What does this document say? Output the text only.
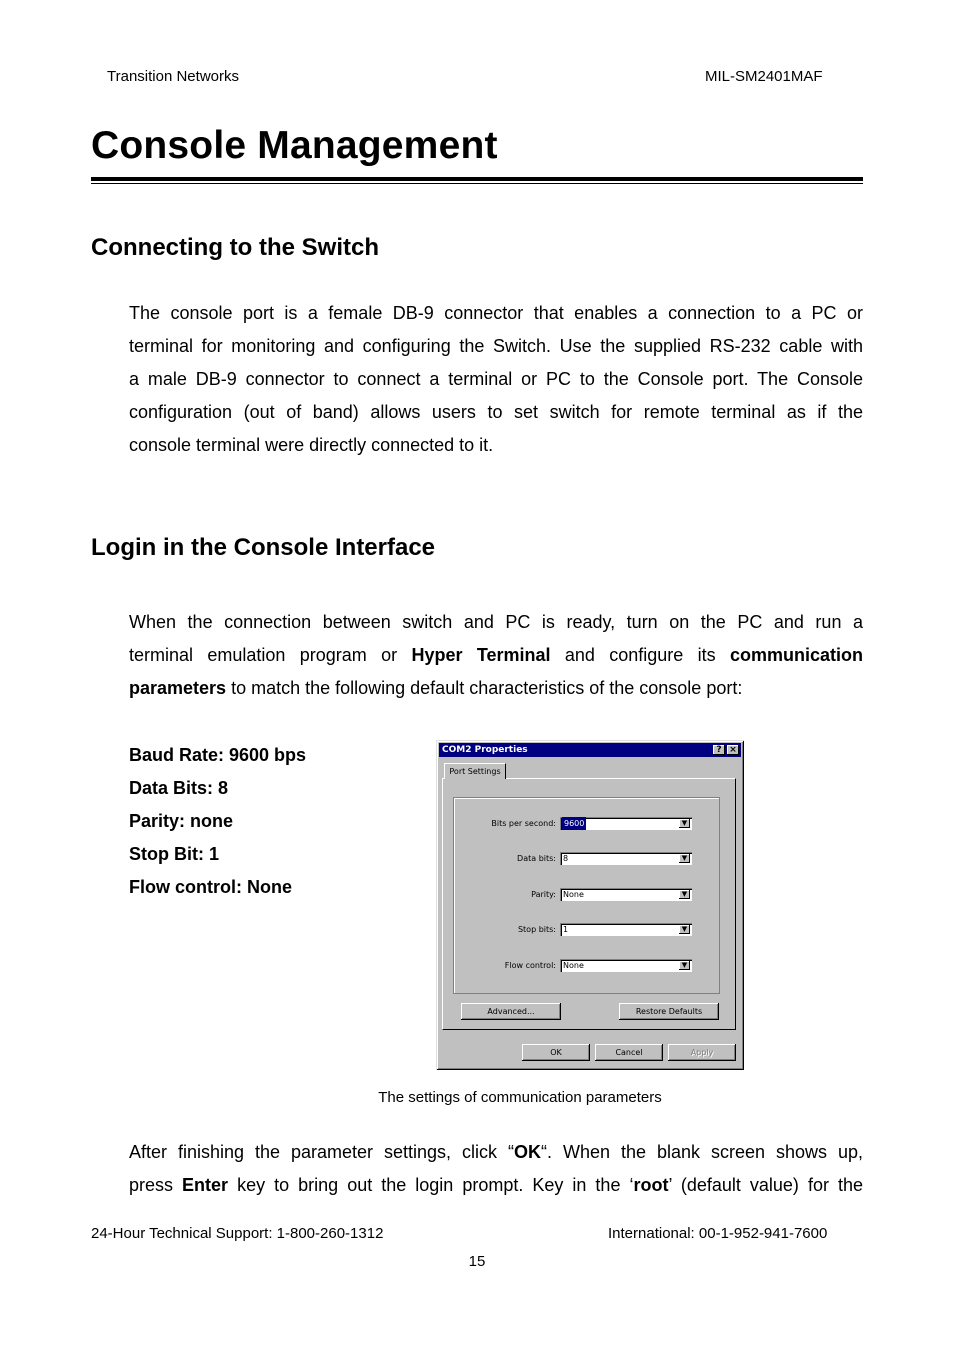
Transition Networks	MIL-SM2401MAF
Console Management
Connecting to the Switch
The console port is a female DB-9 connector that enables a connection to a PC or
terminal for monitoring and configuring the Switch. Use the supplied RS-232 cable with
a male DB-9 connector to connect a terminal or PC to the Console port. The Console
configuration (out of band) allows users to set switch for remote terminal as if the
console terminal were directly connected to it.
Login in the Console Interface
When the connection between switch and PC is ready, turn on the PC and run a
terminal emulation program or Hyper Terminal and configure its communication
parameters to match the following default characteristics of the console port:
Baud Rate: 9600 bps
Data Bits: 8
Parity: none
Stop Bit: 1
Flow control: None
COM2 Properties	? ×
Port Settings
Bits per second: 9600	▼
Data bits: 8	▼
Parity: None	▼
Stop bits: 1	▼
Flow control: None	▼
Advanced...	Restore Defaults
OK	Cancel	Apply
The settings of communication parameters
After finishing the parameter settings, click “OK“. When the blank screen shows up,
press Enter key to bring out the login prompt. Key in the ‘root’ (default value) for the
24-Hour Technical Support: 1-800-260-1312	International: 00-1-952-941-7600
15
